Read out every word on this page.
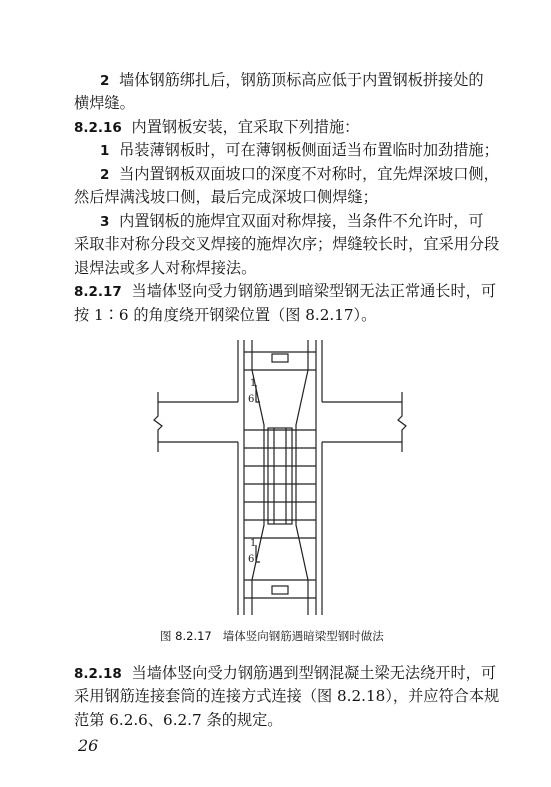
2 墙体钢筋绑扎后，钢筋顶标高应低于内置钢板拼接处的
横焊缝。
8.2.16 内置钢板安装，宜采取下列措施：
1 吊装薄钢板时，可在薄钢板侧面适当布置临时加劲措施；
2 当内置钢板双面坡口的深度不对称时，宜先焊深坡口侧，
然后焊满浅坡口侧，最后完成深坡口侧焊缝；
3 内置钢板的施焊宜双面对称焊接，当条件不允许时，可
采取非对称分段交叉焊接的施焊次序；焊缝较长时，宜采用分段
退焊法或多人对称焊接法。
8.2.17 当墙体竖向受力钢筋遇到暗梁型钢无法正常通长时，可
按 1∶6 的角度绕开钢梁位置（图 8.2.17）。
1
6
1
6
图 8.2.17 墙体竖向钢筋遇暗梁型钢时做法
8.2.18 当墙体竖向受力钢筋遇到型钢混凝土梁无法绕开时，可
采用钢筋连接套筒的连接方式连接（图 8.2.18），并应符合本规
范第 6.2.6、6.2.7 条的规定。
26
